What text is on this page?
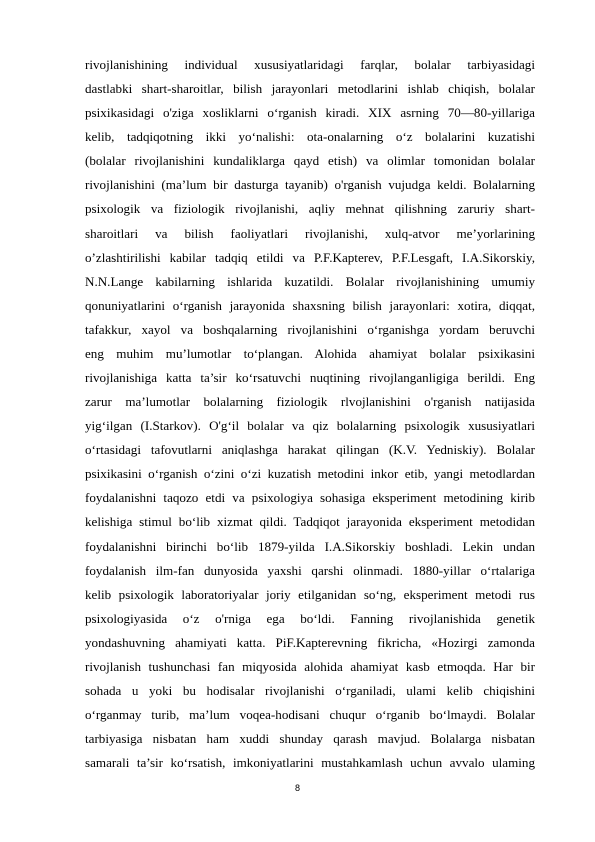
rivojlanishining individual xususiyatlaridagi farqlar, bolalar tarbiyasidagi
dastlabki shart-sharoitlar, bilish jarayonlari metodlarini ishlab chiqish, bolalar
psixikasidagi o'ziga xosliklarni o‘rganish kiradi. XIX asrning 70—80-yillariga
kelib, tadqiqotning ikki yo‘nalishi: ota-onalarning o‘z bolalarini kuzatishi
(bolalar rivojlanishini kundaliklarga qayd etish) va olimlar tomonidan bolalar
rivojlanishini (ma’lum bir dasturga tayanib) o'rganish vujudga keldi. Bolalarning
psixologik va fiziologik rivojlanishi, aqliy mehnat qilishning zaruriy shart-
sharoitlari va bilish faoliyatlari rivojlanishi, xulq-atvor me’yorlarining
o’zlashtirilishi kabilar tadqiq etildi va P.F.Kapterev, P.F.Lesgaft, I.A.Sikorskiy,
N.N.Lange kabilarning ishlarida kuzatildi. Bolalar rivojlanishining umumiy
qonuniyatlarini o‘rganish jarayonida shaxsning bilish jarayonlari: xotira, diqqat,
tafakkur, xayol va boshqalarning rivojlanishini o‘rganishga yordam beruvchi
eng muhim mu’lumotlar to‘plangan. Alohida ahamiyat bolalar psixikasini
rivojlanishiga katta ta’sir ko‘rsatuvchi nuqtining rivojlanganligiga berildi. Eng
zarur ma’lumotlar bolalarning fiziologik rlvojlanishini o'rganish natijasida
yig‘ilgan (I.Starkov). O'g‘il bolalar va qiz bolalarning psixologik xususiyatlari
o‘rtasidagi tafovutlarni aniqlashga harakat qilingan (K.V. Yedniskiy). Bolalar
psixikasini o‘rganish o‘zini o‘zi kuzatish metodini inkor etib, yangi metodlardan
foydalanishni taqozo etdi va psixologiya sohasiga eksperiment metodining kirib
kelishiga stimul bo‘lib xizmat qildi. Tadqiqot jarayonida eksperiment metodidan
foydalanishni birinchi bo‘lib 1879-yilda I.A.Sikorskiy boshladi. Lekin undan
foydalanish ilm-fan dunyosida yaxshi qarshi olinmadi. 1880-yillar o‘rtalariga
kelib psixologik laboratoriyalar joriy etilganidan so‘ng, eksperiment metodi rus
psixologiyasida o‘z o'rniga ega bo‘ldi. Fanning rivojlanishida genetik
yondashuvning ahamiyati katta. PiF.Kapterevning fikricha, «Hozirgi zamonda
rivojlanish tushunchasi fan miqyosida alohida ahamiyat kasb etmoqda. Har bir
sohada u yoki bu hodisalar rivojlanishi o‘rganiladi, ulami kelib chiqishini
o‘rganmay turib, ma’lum voqea-hodisani chuqur o‘rganib bo‘lmaydi. Bolalar
tarbiyasiga nisbatan ham xuddi shunday qarash mavjud. Bolalarga nisbatan
samarali ta’sir ko‘rsatish, imkoniyatlarini mustahkamlash uchun avvalo ulaming
8
